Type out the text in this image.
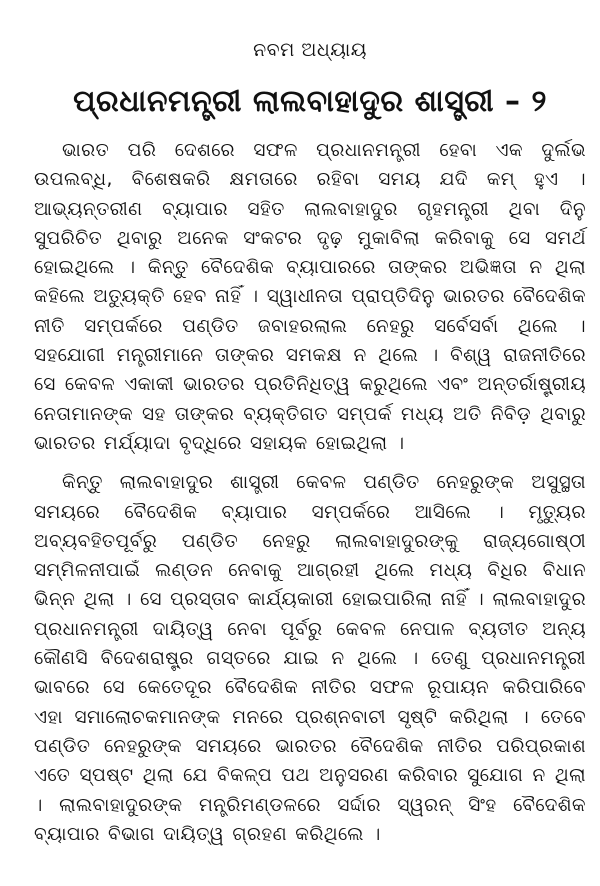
ନବମ ଅଧ୍ୟାୟ
ପ୍ରଧାନମନ୍ତ୍ରୀ ଲାଲବାହାଦୁର ଶାସ୍ତ୍ରୀ – ୨

ଭାରତ ପରି ଦେଶରେ ସଫଳ ପ୍ରଧାନମନ୍ତ୍ରୀ ହେବା ଏକ ଦୁର୍ଲଭ ଉପଲବ୍ଧି, ବିଶେଷକରି କ୍ଷମତାରେ ରହିବା ସମୟ ଯଦି କମ୍ ହୁଏ । ଆଭ୍ୟନ୍ତରୀଣ ବ୍ୟାପାର ସହିତ ଲାଲବାହାଦୁର ଗୃହମନ୍ତ୍ରୀ ଥିବା ଦିନୁ ସୁପରିଚିତ ଥିବାରୁ ଅନେକ ସଂକଟର ଦୃଢ଼ ମୁକାବିଲା କରିବାକୁ ସେ ସମର୍ଥ ହୋଇଥିଲେ । କିନ୍ତୁ ବୈଦେଶିକ ବ୍ୟାପାରରେ ତାଙ୍କର ଅଭିଜ୍ଞତା ନ ଥିଲା କହିଲେ ଅତ୍ୟୁକ୍ତି ହେବ ନାହିଁ । ସ୍ୱାଧୀନତା ପ୍ରାପ୍ତିଦିନୁ ଭାରତର ବୈଦେଶିକ ନୀତି ସମ୍ପର୍କରେ ପଣ୍ଡିତ ଜବାହରଲାଲ ନେହରୁ ସର୍ବେସର୍ବା ଥିଲେ । ସହଯୋଗୀ ମନ୍ତ୍ରୀମାନେ ତାଙ୍କର ସମକକ୍ଷ ନ ଥିଲେ । ବିଶ୍ୱ ରାଜନୀତିରେ ସେ କେବଳ ଏକାକୀ ଭାରତର ପ୍ରତିନିଧିତ୍ୱ କରୁଥିଲେ ଏବଂ ଅନ୍ତର୍ରାଷ୍ଟ୍ରୀୟ ନେତାମାନଙ୍କ ସହ ତାଙ୍କର ବ୍ୟକ୍ତିଗତ ସମ୍ପର୍କ ମଧ୍ୟ ଅତି ନିବିଡ଼ ଥିବାରୁ ଭାରତର ମର୍ଯ୍ୟାଦା ବୃଦ୍ଧିରେ ସହାୟକ ହୋଇଥିଲା ।

କିନ୍ତୁ ଲାଲବାହାଦୁର ଶାସ୍ତ୍ରୀ କେବଳ ପଣ୍ଡିତ ନେହରୁଙ୍କ ଅସୁସ୍ଥତା ସମୟରେ ବୈଦେଶିକ ବ୍ୟାପାର ସମ୍ପର୍କରେ ଆସିଲେ । ମୃତ୍ୟୁର ଅବ୍ୟବହିତପୂର୍ବରୁ ପଣ୍ଡିତ ନେହରୁ ଲାଲବାହାଦୁରଙ୍କୁ ରାଜ୍ୟଗୋଷ୍ଠୀ ସମ୍ମିଳନୀପାଇଁ ଲଣ୍ଡନ ନେବାକୁ ଆଗ୍ରହୀ ଥିଲେ ମଧ୍ୟ ବିଧିର ବିଧାନ ଭିନ୍ନ ଥିଲା । ସେ ପ୍ରସ୍ତାବ କାର୍ଯ୍ୟକାରୀ ହୋଇପାରିଲା ନାହିଁ । ଲାଲବାହାଦୁର ପ୍ରଧାନମନ୍ତ୍ରୀ ଦାୟିତ୍ୱ ନେବା ପୂର୍ବରୁ କେବଳ ନେପାଳ ବ୍ୟତୀତ ଅନ୍ୟ କୌଣସି ବିଦେଶରାଷ୍ଟ୍ର ଗସ୍ତରେ ଯାଇ ନ ଥିଲେ । ତେଣୁ ପ୍ରଧାନମନ୍ତ୍ରୀ ଭାବରେ ସେ କେତେଦୂର ବୈଦେଶିକ ନୀତିର ସଫଳ ରୂପାୟନ କରିପାରିବେ ଏହା ସମାଲୋଚକମାନଙ୍କ ମନରେ ପ୍ରଶ୍ନବାଚୀ ସୃଷ୍ଟି କରିଥିଲା । ତେବେ ପଣ୍ଡିତ ନେହରୁଙ୍କ ସମୟରେ ଭାରତର ବୈଦେଶିକ ନୀତିର ପରିପ୍ରକାଶ ଏତେ ସ୍ପଷ୍ଟ ଥିଲା ଯେ ବିକଳ୍ପ ପଥ ଅନୁସରଣ କରିବାର ସୁଯୋଗ ନ ଥିଲା । ଲାଲବାହାଦୁରଙ୍କ ମନ୍ତ୍ରିମଣ୍ଡଳରେ ସର୍ଦ୍ଦାର ସ୍ୱରନ୍ ସିଂହ ବୈଦେଶିକ ବ୍ୟାପାର ବିଭାଗ ଦାୟିତ୍ୱ ଗ୍ରହଣ କରିଥିଲେ ।
